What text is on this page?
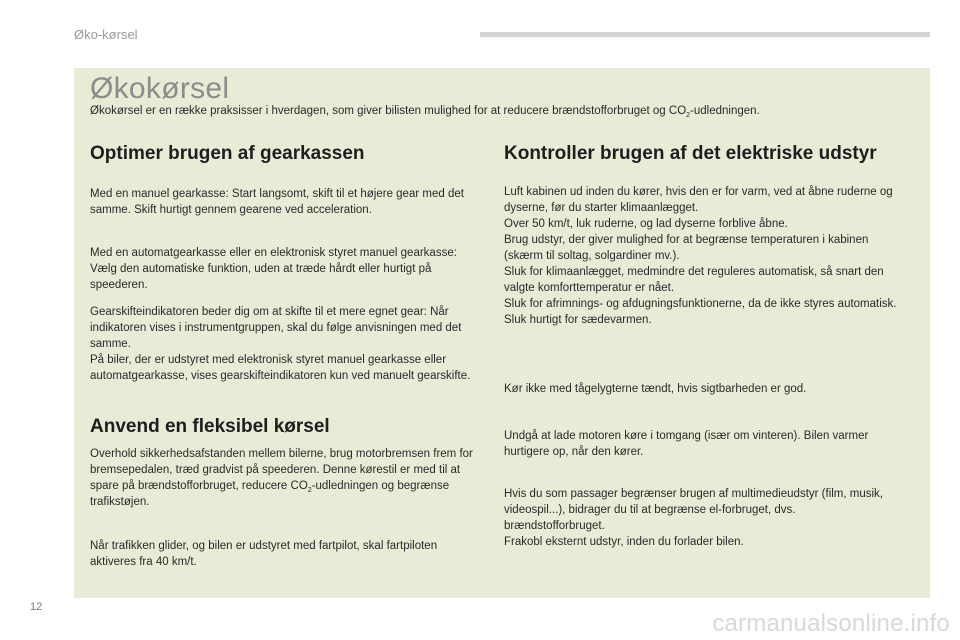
Øko-kørsel
Økokørsel

Økokørsel er en række praksisser i hverdagen, som giver bilisten mulighed for at reducere brændstofforbruget og $CO_2$-udledningen.

Optimer brugen af gearkassen

Med en manuel gearkasse: Start langsomt, skift til et højere gear med det samme. Skift hurtigt gennem gearene ved acceleration.

Med en automatgearkasse eller en elektronisk styret manuel gearkasse: Vælg den automatiske funktion, uden at træde hårdt eller hurtigt på speederen.

Gearskifteindikatoren beder dig om at skifte til et mere egnet gear: Når indikatoren vises i instrumentgruppen, skal du følge anvisningen med det samme.

På biler, der er udstyret med elektronisk styret manuel gearkasse eller automatgearkasse, vises gearskifteindikatoren kun ved manuelt gearskifte.

Anvend en fleksibel kørsel

Overhold sikkerhedsafstanden mellem bilerne, brug motorbremsen frem for bremsepedalen, træd gradvist på speederen. Denne kørestil er med til at spare på brændstofforbruget, reducere $CO_2$-udledningen og begrænse trafikstøjen.

Når trafikken glider, og bilen er udstyret med fartpilot, skal fartpiloten aktiveres fra 40 km/t.

Kontroller brugen af det elektriske udstyr
Luft kabinen ud inden du kører, hvis den er for varm, ved at åbne ruderne og dyserne, før du starter klimaanlægget.
Over 50 km/t, luk ruderne, og lad dyserne forblive åbne.
Brug udstyr, der giver mulighed for at begrænse temperaturen i kabinen (skærm til soltag, solgardiner mv.).
Sluk for klimaanlægget, medmindre det reguleres automatisk, så snart den valgte komforttemperatur er nået.
Sluk for afrimnings- og afdugningsfunktionerne, da de ikke styres automatisk.
Sluk hurtigt for sædevarmen.

Kør ikke med tågelygterne tændt, hvis sigtbarheden er god.

Undgå at lade motoren køre i tomgang (især om vinteren). Bilen varmer hurtigere op, når den kører.

Hvis du som passager begrænser brugen af multimedieudstyr (film, musik, videospil...), bidrager du til at begrænse el-forbruget, dvs. brændstofforbruget.
Frakobl eksternt udstyr, inden du forlader bilen.
12
carmanualsonline.info
